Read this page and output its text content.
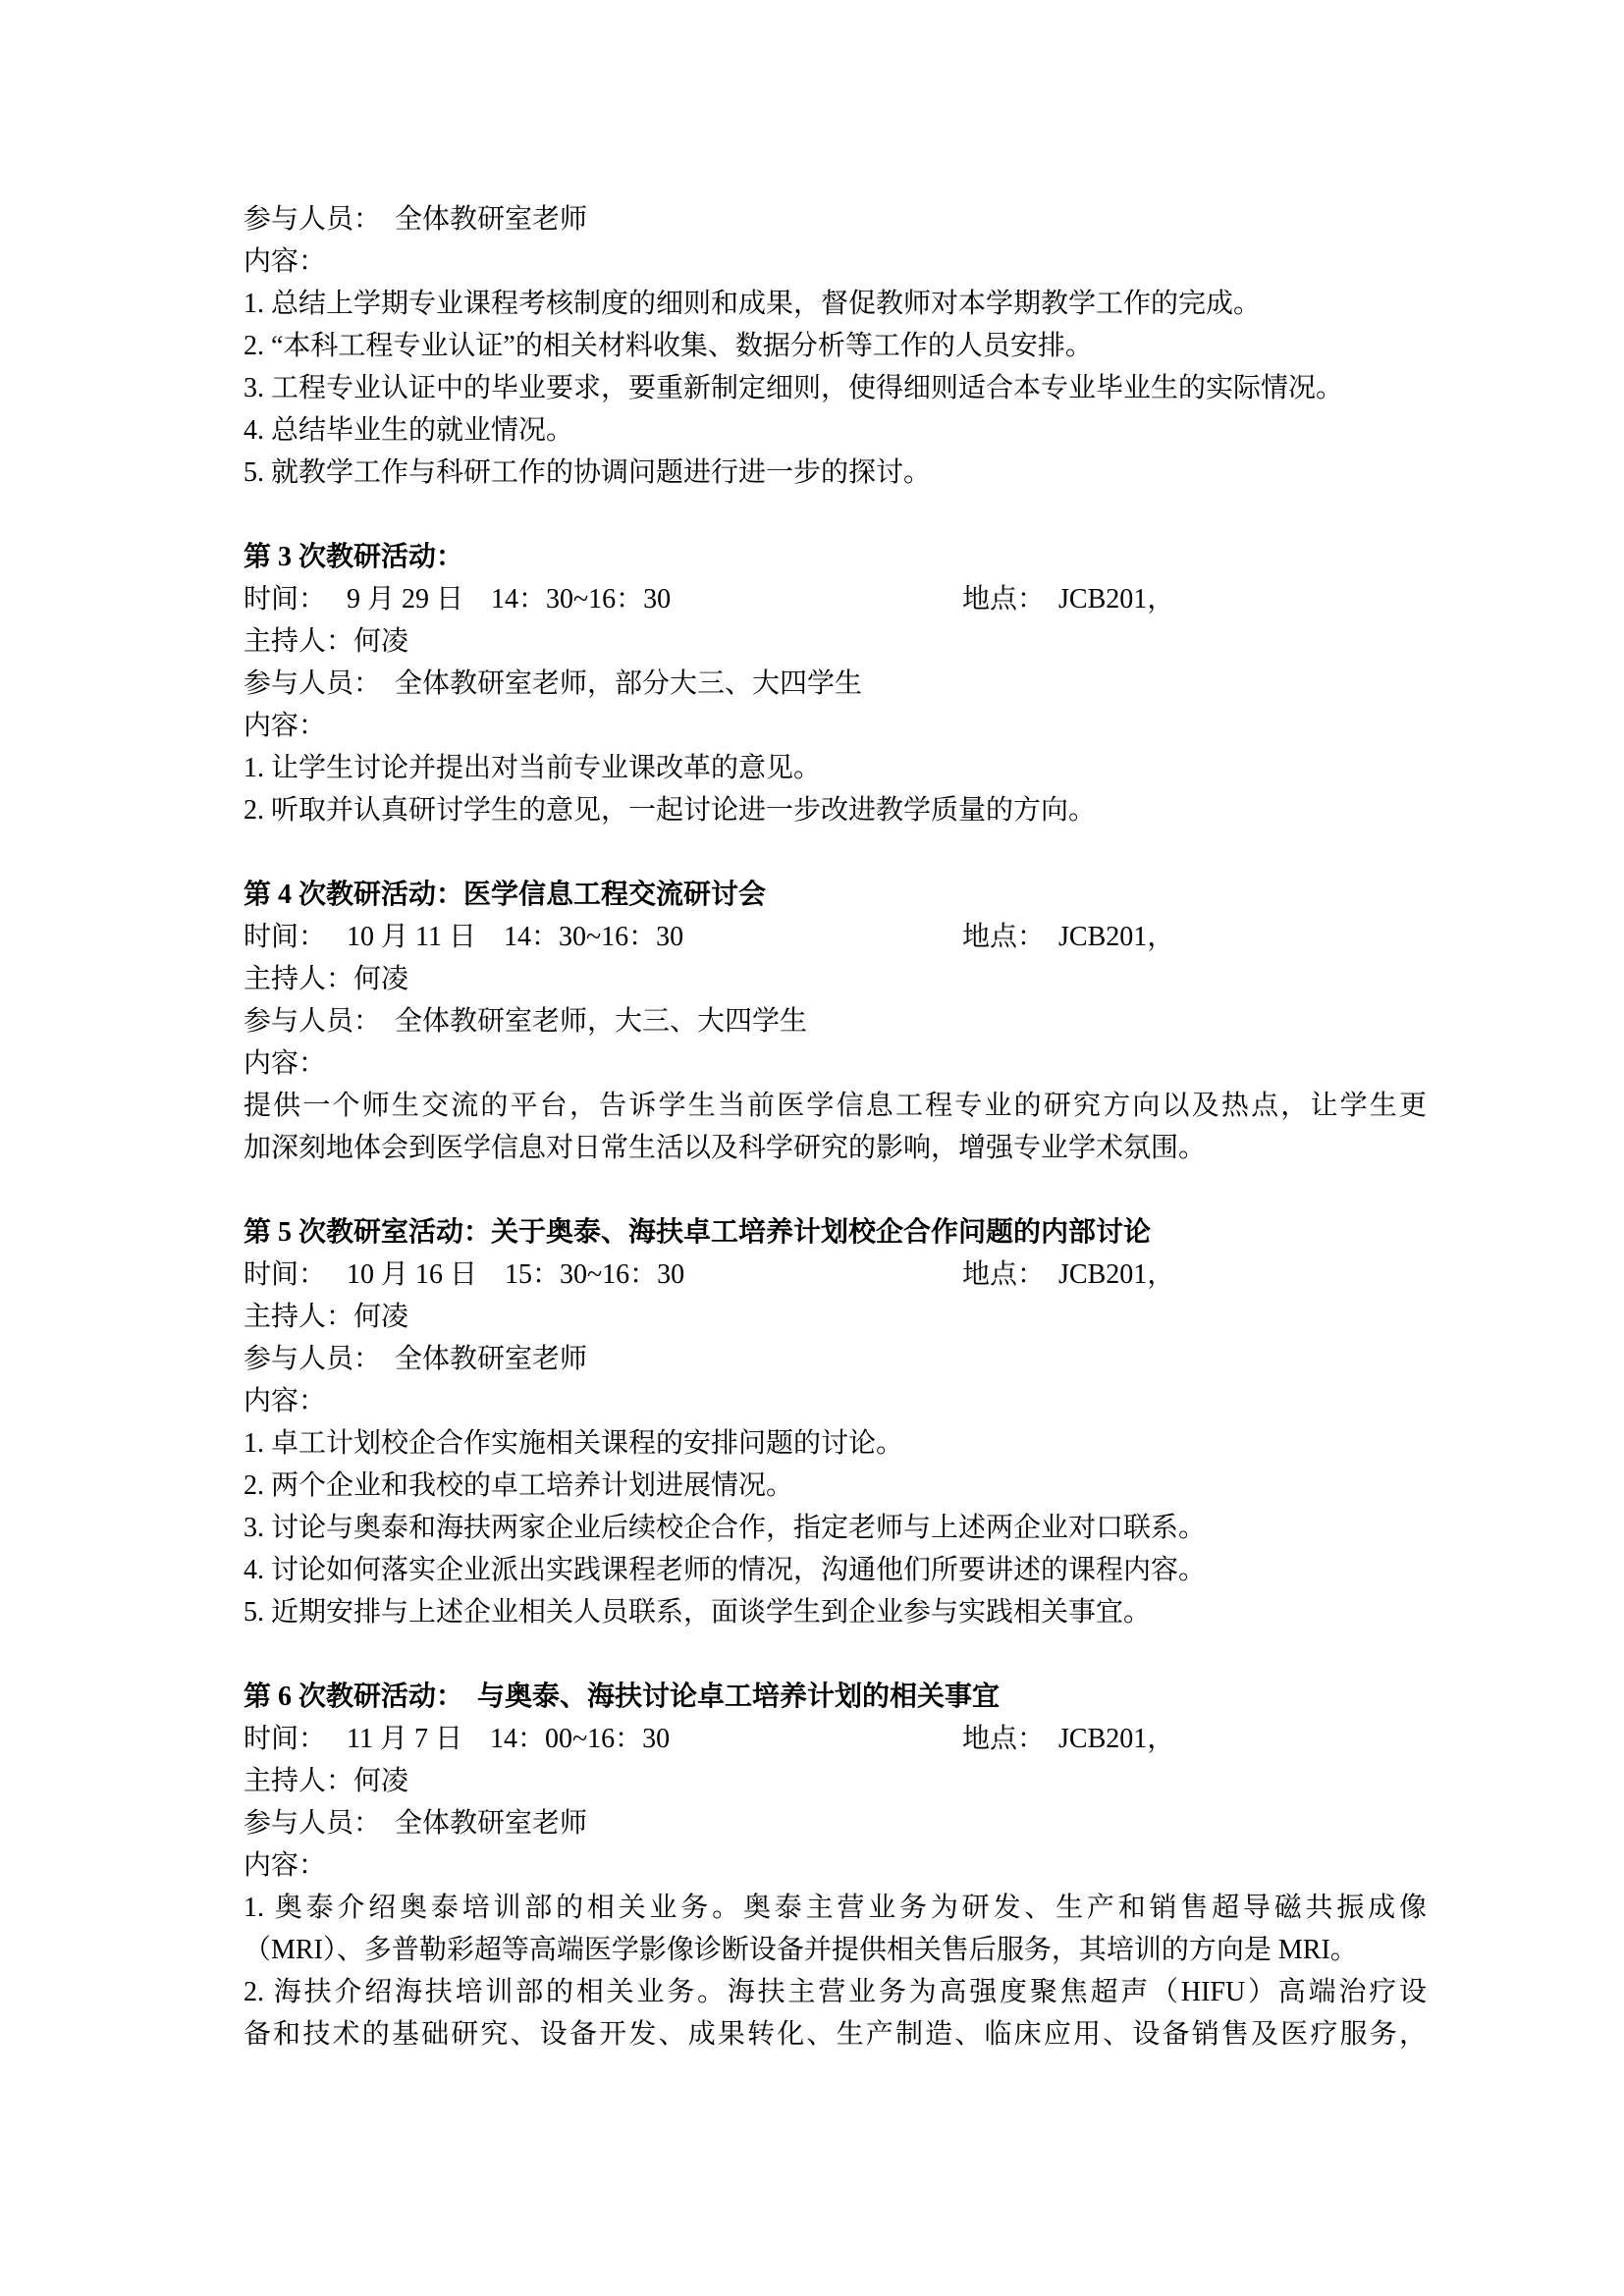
参与人员：　全体教研室老师

内容：

1. 总结上学期专业课程考核制度的细则和成果，督促教师对本学期教学工作的完成。

2. “本科工程专业认证”的相关材料收集、数据分析等工作的人员安排。

3. 工程专业认证中的毕业要求，要重新制定细则，使得细则适合本专业毕业生的实际情况。

4. 总结毕业生的就业情况。

5. 就教学工作与科研工作的协调问题进行进一步的探讨。

第 3 次教研活动：

时间：　 9 月 29 日　14：30~16：30	地点：　JCB201，

主持人：何凌

参与人员：　全体教研室老师，部分大三、大四学生

内容：

1. 让学生讨论并提出对当前专业课改革的意见。

2. 听取并认真研讨学生的意见，一起讨论进一步改进教学质量的方向。

第 4 次教研活动：医学信息工程交流研讨会

时间：　 10 月 11 日　14：30~16：30	地点：　JCB201，

主持人：何凌

参与人员：　全体教研室老师，大三、大四学生

内容：

提供一个师生交流的平台，告诉学生当前医学信息工程专业的研究方向以及热点，让学生更
加深刻地体会到医学信息对日常生活以及科学研究的影响，增强专业学术氛围。

第 5 次教研室活动：关于奥泰、海扶卓工培养计划校企合作问题的内部讨论

时间：　 10 月 16 日　15：30~16：30	地点：　JCB201，

主持人：何凌

参与人员：　全体教研室老师

内容：

1. 卓工计划校企合作实施相关课程的安排问题的讨论。

2. 两个企业和我校的卓工培养计划进展情况。

3. 讨论与奥泰和海扶两家企业后续校企合作，指定老师与上述两企业对口联系。

4. 讨论如何落实企业派出实践课程老师的情况，沟通他们所要讲述的课程内容。

5. 近期安排与上述企业相关人员联系，面谈学生到企业参与实践相关事宜。

第 6 次教研活动：　与奥泰、海扶讨论卓工培养计划的相关事宜

时间：　 11 月 7 日　14：00~16：30	地点：　JCB201，

主持人：何凌

参与人员：　全体教研室老师

内容：

1. 奥泰介绍奥泰培训部的相关业务。奥泰主营业务为研发、生产和销售超导磁共振成像
（MRI）、多普勒彩超等高端医学影像诊断设备并提供相关售后服务，其培训的方向是 MRI。

2. 海扶介绍海扶培训部的相关业务。海扶主营业务为高强度聚焦超声（HIFU）高端治疗设
备和技术的基础研究、设备开发、成果转化、生产制造、临床应用、设备销售及医疗服务，
